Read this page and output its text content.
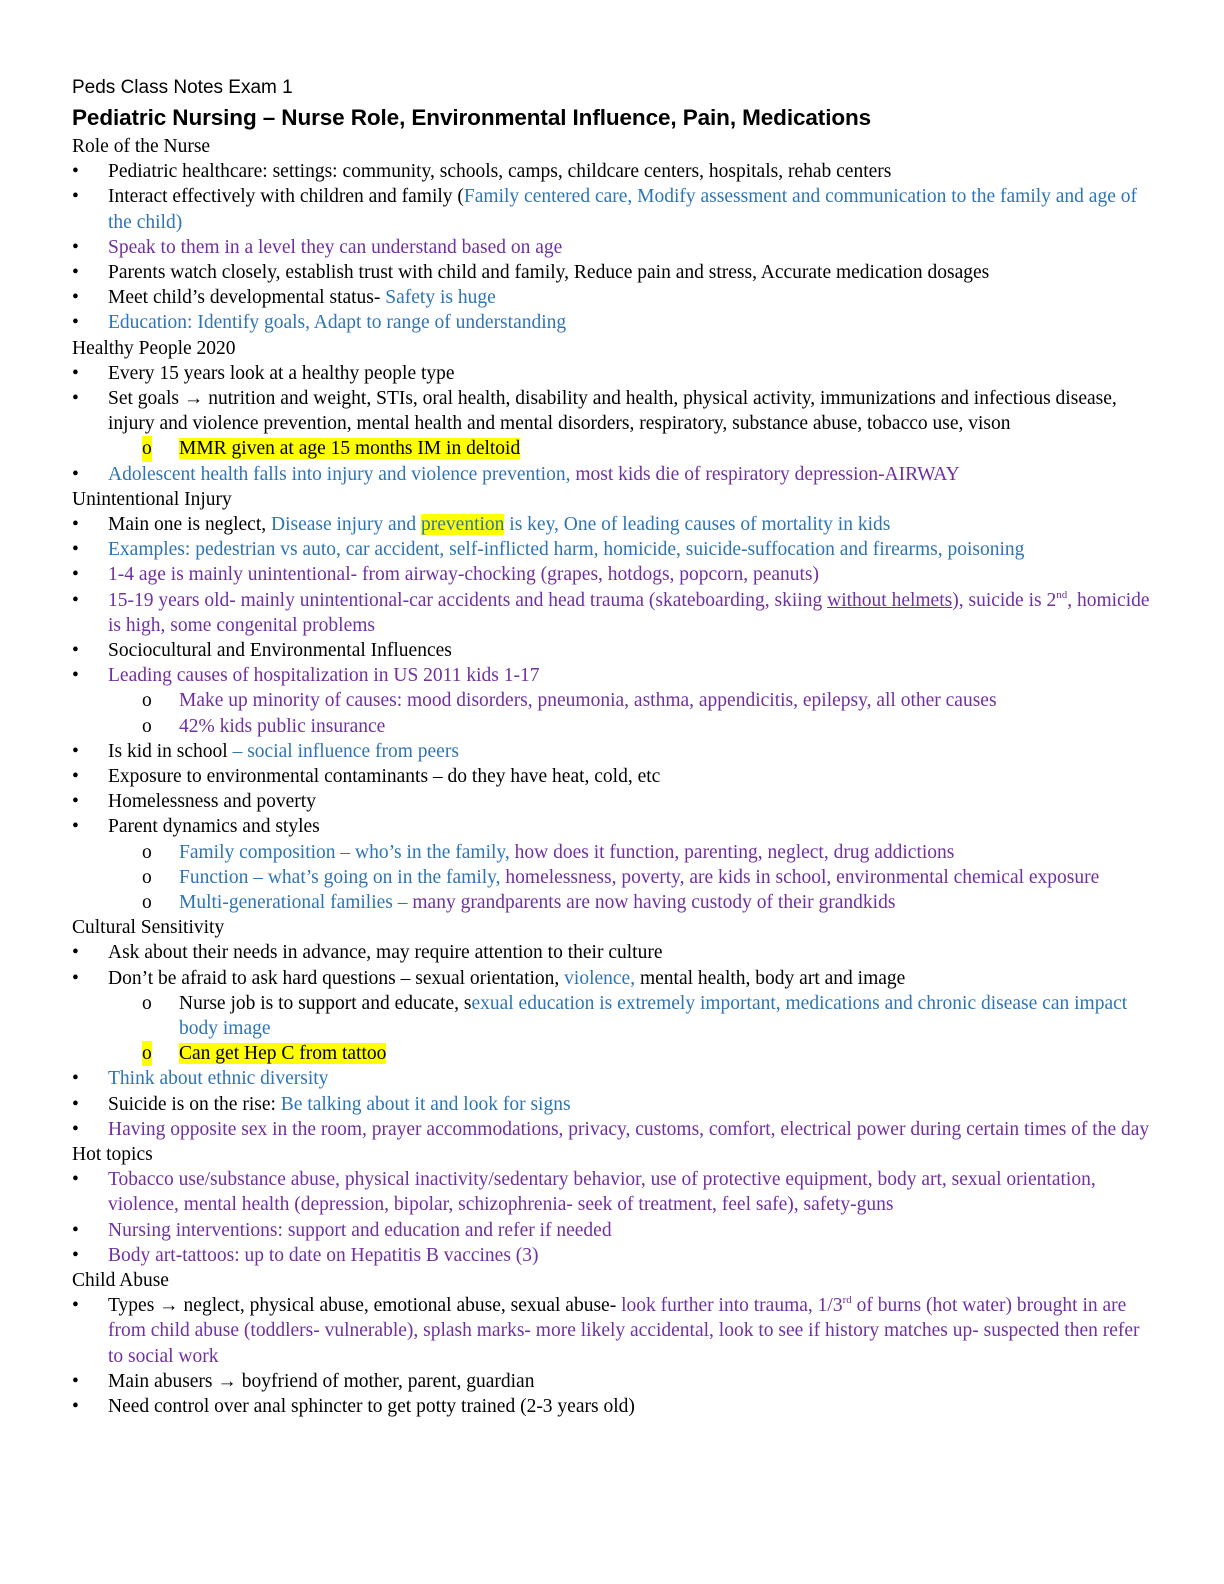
Peds Class Notes Exam 1
Pediatric Nursing – Nurse Role, Environmental Influence, Pain, Medications
Role of the Nurse
• Pediatric healthcare: settings: community, schools, camps, childcare centers, hospitals, rehab centers
• Interact effectively with children and family (Family centered care, Modify assessment and communication to the family and age of the child)
• Speak to them in a level they can understand based on age
• Parents watch closely, establish trust with child and family, Reduce pain and stress, Accurate medication dosages
• Meet child’s developmental status- Safety is huge
• Education: Identify goals, Adapt to range of understanding
Healthy People 2020
• Every 15 years look at a healthy people type
• Set goals → nutrition and weight, STIs, oral health, disability and health, physical activity, immunizations and infectious disease, injury and violence prevention, mental health and mental disorders, respiratory, substance abuse, tobacco use, vison
o MMR given at age 15 months IM in deltoid
• Adolescent health falls into injury and violence prevention, most kids die of respiratory depression-AIRWAY
Unintentional Injury
• Main one is neglect, Disease injury and prevention is key, One of leading causes of mortality in kids
• Examples: pedestrian vs auto, car accident, self-inflicted harm, homicide, suicide-suffocation and firearms, poisoning
• 1-4 age is mainly unintentional- from airway-chocking (grapes, hotdogs, popcorn, peanuts)
• 15-19 years old- mainly unintentional-car accidents and head trauma (skateboarding, skiing without helmets), suicide is 2nd, homicide is high, some congenital problems
• Sociocultural and Environmental Influences
• Leading causes of hospitalization in US 2011 kids 1-17
o Make up minority of causes: mood disorders, pneumonia, asthma, appendicitis, epilepsy, all other causes
o 42% kids public insurance
• Is kid in school – social influence from peers
• Exposure to environmental contaminants – do they have heat, cold, etc
• Homelessness and poverty
• Parent dynamics and styles
o Family composition – who’s in the family, how does it function, parenting, neglect, drug addictions
o Function – what’s going on in the family, homelessness, poverty, are kids in school, environmental chemical exposure
o Multi-generational families – many grandparents are now having custody of their grandkids
Cultural Sensitivity
• Ask about their needs in advance, may require attention to their culture
• Don’t be afraid to ask hard questions – sexual orientation, violence, mental health, body art and image
o Nurse job is to support and educate, sexual education is extremely important, medications and chronic disease can impact body image
o Can get Hep C from tattoo
• Think about ethnic diversity
• Suicide is on the rise: Be talking about it and look for signs
• Having opposite sex in the room, prayer accommodations, privacy, customs, comfort, electrical power during certain times of the day
Hot topics
• Tobacco use/substance abuse, physical inactivity/sedentary behavior, use of protective equipment, body art, sexual orientation, violence, mental health (depression, bipolar, schizophrenia- seek of treatment, feel safe), safety-guns
• Nursing interventions: support and education and refer if needed
• Body art-tattoos: up to date on Hepatitis B vaccines (3)
Child Abuse
• Types → neglect, physical abuse, emotional abuse, sexual abuse- look further into trauma, 1/3rd of burns (hot water) brought in are from child abuse (toddlers- vulnerable), splash marks- more likely accidental, look to see if history matches up- suspected then refer to social work
• Main abusers → boyfriend of mother, parent, guardian
• Need control over anal sphincter to get potty trained (2-3 years old)
